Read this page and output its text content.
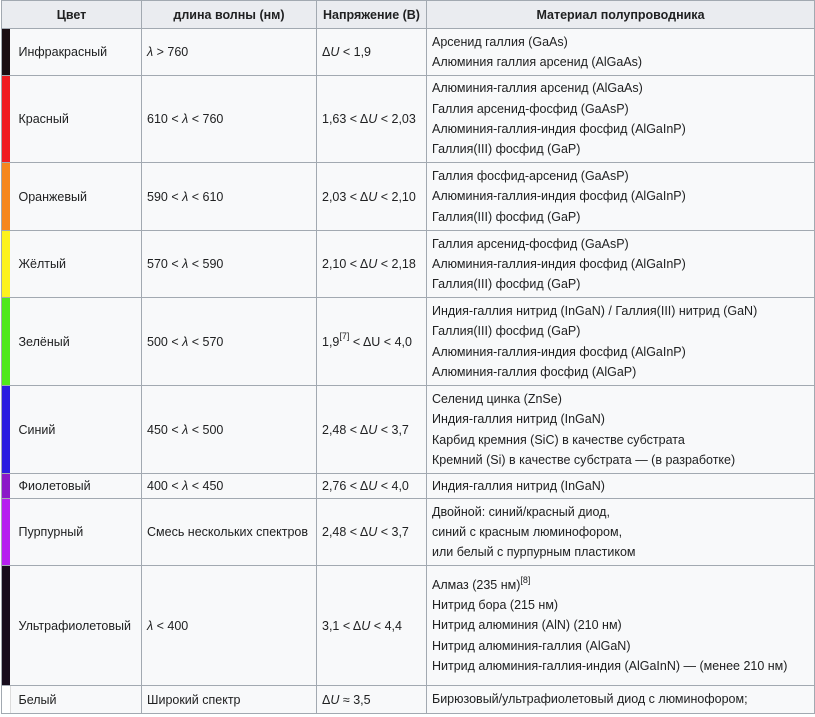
Цвет		длина волны (нм)	Напряжение (В)	Материал полупроводника

	Инфракрасный	λ > 760	ΔU < 1,9	Арсенид галлия (GaAs)
Алюминия галлия арсенид (AlGaAs)

	Красный	610 < λ < 760	1,63 < ΔU < 2,03	Алюминия-галлия арсенид (AlGaAs)
Галлия арсенид-фосфид (GaAsP)
Алюминия-галлия-индия фосфид (AlGaInP)
Галлия(III) фосфид (GaP)

	Оранжевый	590 < λ < 610	2,03 < ΔU < 2,10	Галлия фосфид-арсенид (GaAsP)
Алюминия-галлия-индия фосфид (AlGaInP)
Галлия(III) фосфид (GaP)

	Жёлтый	570 < λ < 590	2,10 < ΔU < 2,18	Галлия арсенид-фосфид (GaAsP)
Алюминия-галлия-индия фосфид (AlGaInP)
Галлия(III) фосфид (GaP)

	Зелёный	500 < λ < 570	1,9[7] < ΔU < 4,0	Индия-галлия нитрид (InGaN) / Галлия(III) нитрид (GaN)
Галлия(III) фосфид (GaP)
Алюминия-галлия-индия фосфид (AlGaInP)
Алюминия-галлия фосфид (AlGaP)

	Синий	450 < λ < 500	2,48 < ΔU < 3,7	Селенид цинка (ZnSe)
Индия-галлия нитрид (InGaN)
Карбид кремния (SiC) в качестве субстрата
Кремний (Si) в качестве субстрата — (в разработке)

	Фиолетовый	400 < λ < 450	2,76 < ΔU < 4,0	Индия-галлия нитрид (InGaN)

	Пурпурный	Смесь нескольких спектров	2,48 < ΔU < 3,7	Двойной: синий/красный диод,
синий с красным люминофором,
или белый с пурпурным пластиком

	Ультрафиолетовый	λ < 400	3,1 < ΔU < 4,4	Алмаз (235 нм)[8]
Нитрид бора (215 нм)
Нитрид алюминия (AlN) (210 нм)
Нитрид алюминия-галлия (AlGaN)
Нитрид алюминия-галлия-индия (AlGaInN) — (менее 210 нм)

	Белый	Широкий спектр	ΔU ≈ 3,5	Бирюзовый/ультрафиолетовый диод с люминофором;
